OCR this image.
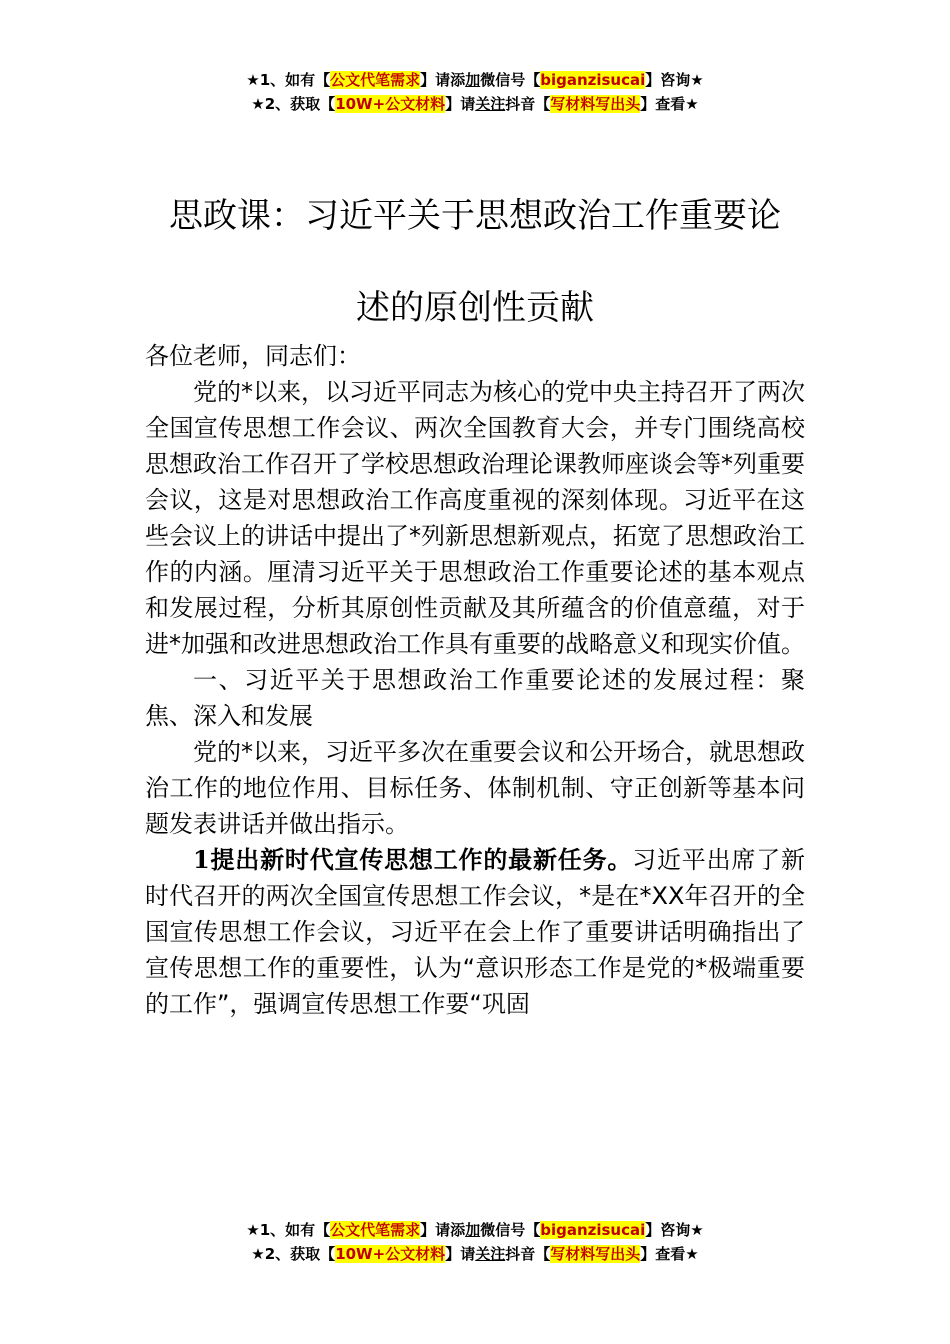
★1、如有【公文代笔需求】请添加微信号【biganzisucai】咨询★
★2、获取【10W+公文材料】请关注抖音【写材料写出头】查看★
思政课：习近平关于思想政治工作重要论
述的原创性贡献

各位老师，同志们：

党的*以来，以习近平同志为核心的党中央主持召开了两次全国宣传思想工作会议、两次全国教育大会，并专门围绕高校思想政治工作召开了学校思想政治理论课教师座谈会等*列重要会议，这是对思想政治工作高度重视的深刻体现。习近平在这些会议上的讲话中提出了*列新思想新观点，拓宽了思想政治工作的内涵。厘清习近平关于思想政治工作重要论述的基本观点和发展过程，分析其原创性贡献及其所蕴含的价值意蕴，对于进*加强和改进思想政治工作具有重要的战略意义和现实价值。

一、习近平关于思想政治工作重要论述的发展过程：聚焦、深入和发展

党的*以来，习近平多次在重要会议和公开场合，就思想政治工作的地位作用、目标任务、体制机制、守正创新等基本问题发表讲话并做出指示。

1提出新时代宣传思想工作的最新任务。习近平出席了新时代召开的两次全国宣传思想工作会议，*是在*XX年召开的全国宣传思想工作会议，习近平在会上作了重要讲话明确指出了宣传思想工作的重要性，认为“意识形态工作是党的*极端重要的工作”，强调宣传思想工作要“巩固

★1、如有【公文代笔需求】请添加微信号【biganzisucai】咨询★
★2、获取【10W+公文材料】请关注抖音【写材料写出头】查看★
